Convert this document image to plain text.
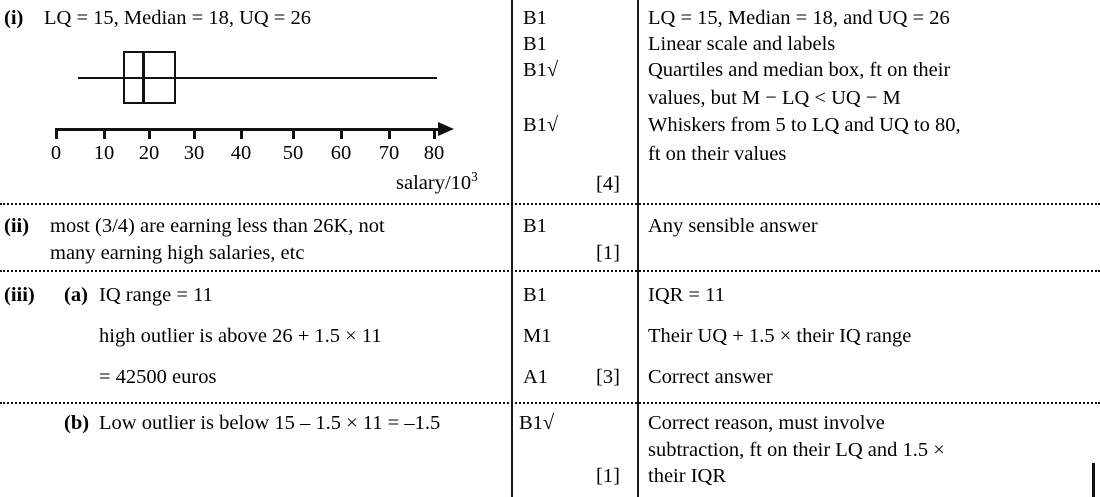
(i) LQ = 15, Median = 18, UQ = 26
0 10 20 30 40 50 60 70 80
salary/$10^3$
B1
B1
B1√
B1√
[4]
LQ = 15, Median = 18, and UQ = 26
Linear scale and labels
Quartiles and median box, ft on their
values, but M − LQ < UQ − M
Whiskers from 5 to LQ and UQ to 80,
ft on their values
(ii) most (3/4) are earning less than 26K, not
many earning high salaries, etc
B1
[1]
Any sensible answer
(iii) (a) IQ range = 11
high outlier is above 26 + 1.5 × 11
= 42500 euros
B1
M1
A1 [3]
IQR = 11
Their UQ + 1.5 × their IQ range
Correct answer
(b) Low outlier is below 15 – 1.5 × 11 = –1.5	B1√
[1]
Correct reason, must involve
subtraction, ft on their LQ and 1.5 ×
their IQR
